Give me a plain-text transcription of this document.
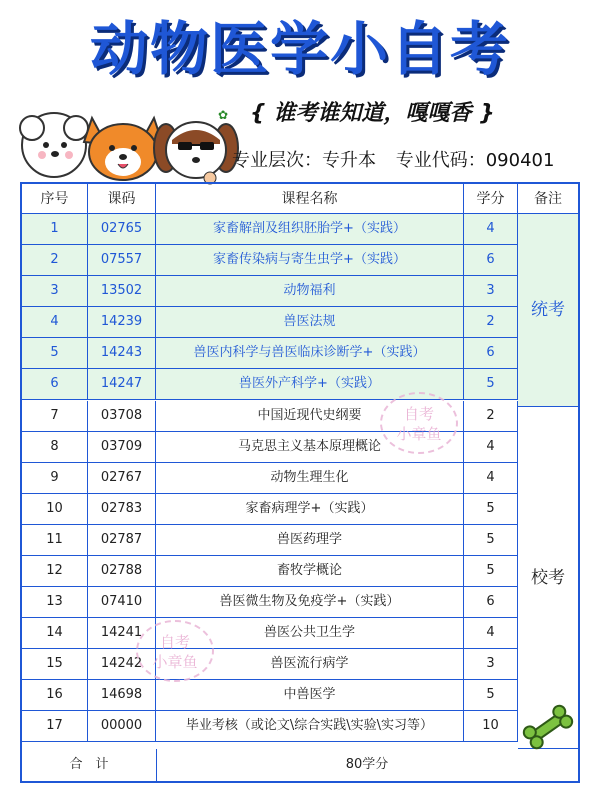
动物医学小自考
✿ { 谁考谁知道，嘎嘎香 }
专业层次：专升本 专业代码：090401
序号	课码	课程名称	学分	备注
1	02765	家畜解剖及组织胚胎学+（实践）	4
2	07557	家畜传染病与寄生虫学+（实践）	6
3	13502	动物福利	3
4	14239	兽医法规	2
5	14243	兽医内科学与兽医临床诊断学+（实践）	6
6	14247	兽医外产科学+（实践）	5
7	03708	中国近现代史纲要	2
8	03709	马克思主义基本原理概论	4
9	02767	动物生理生化	4
10	02783	家畜病理学+（实践）	5
11	02787	兽医药理学	5
12	02788	畜牧学概论	5
13	07410	兽医微生物及免疫学+（实践）	6
14	14241	兽医公共卫生学	4
15	14242	兽医流行病学	3
16	14698	中兽医学	5
17	00000	毕业考核（或论文\综合实践\实验\实习等）	10
统考
校考
合　计	80学分
自考
小章鱼
自考
小章鱼
